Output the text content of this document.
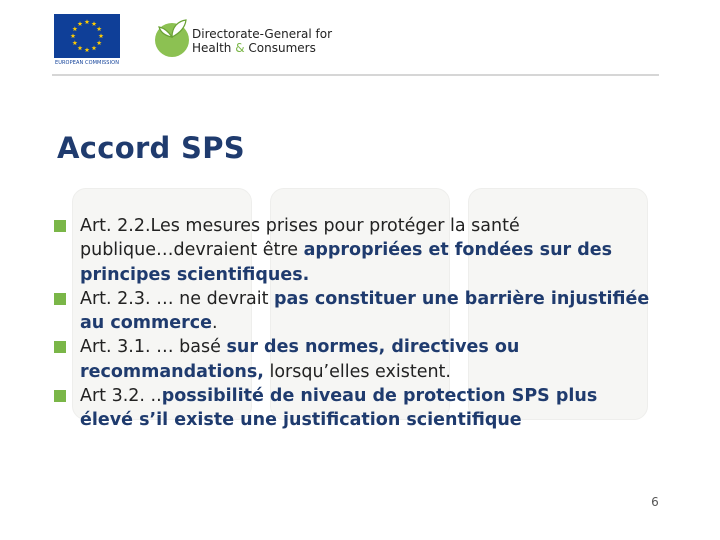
EUROPEAN COMMISSION
Directorate-General for
Health & Consumers
Accord SPS
Art. 2.2.Les mesures prises pour protéger la santé
publique…devraient être appropriées et fondées sur des
principes scientifiques.
Art. 2.3. … ne devrait pas constituer une barrière injustifiée
au commerce.
Art. 3.1. … basé sur des normes, directives ou
recommandations, lorsqu’elles existent.
Art 3.2. ..possibilité de niveau de protection SPS plus
élevé s’il existe une justification scientifique
6
